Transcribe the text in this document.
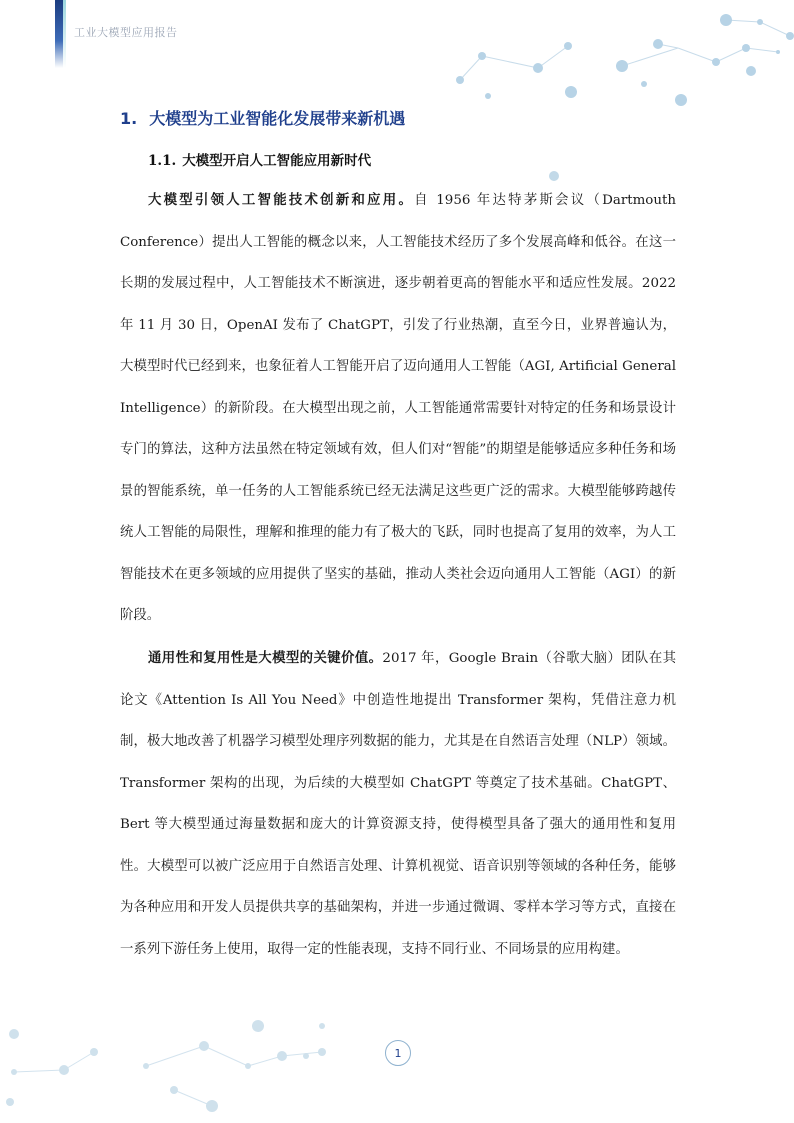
工业大模型应用报告
1. 大模型为工业智能化发展带来新机遇
1.1. 大模型开启人工智能应用新时代

大模型引领人工智能技术创新和应用。自 1956 年达特茅斯会议（Dartmouth Conference）提出人工智能的概念以来，人工智能技术经历了多个发展高峰和低谷。在这一长期的发展过程中，人工智能技术不断演进，逐步朝着更高的智能水平和适应性发展。2022 年 11 月 30 日，OpenAI 发布了 ChatGPT，引发了行业热潮，直至今日，业界普遍认为，大模型时代已经到来，也象征着人工智能开启了迈向通用人工智能（AGI, Artificial General Intelligence）的新阶段。在大模型出现之前，人工智能通常需要针对特定的任务和场景设计专门的算法，这种方法虽然在特定领域有效，但人们对“智能”的期望是能够适应多种任务和场景的智能系统，单一任务的人工智能系统已经无法满足这些更广泛的需求。大模型能够跨越传统人工智能的局限性，理解和推理的能力有了极大的飞跃，同时也提高了复用的效率，为人工智能技术在更多领域的应用提供了坚实的基础，推动人类社会迈向通用人工智能（AGI）的新阶段。

通用性和复用性是大模型的关键价值。2017 年，Google Brain（谷歌大脑）团队在其论文《Attention Is All You Need》中创造性地提出 Transformer 架构，凭借注意力机制，极大地改善了机器学习模型处理序列数据的能力，尤其是在自然语言处理（NLP）领域。Transformer 架构的出现，为后续的大模型如 ChatGPT 等奠定了技术基础。ChatGPT、Bert 等大模型通过海量数据和庞大的计算资源支持，使得模型具备了强大的通用性和复用性。大模型可以被广泛应用于自然语言处理、计算机视觉、语音识别等领域的各种任务，能够为各种应用和开发人员提供共享的基础架构，并进一步通过微调、零样本学习等方式，直接在一系列下游任务上使用，取得一定的性能表现，支持不同行业、不同场景的应用构建。

1
